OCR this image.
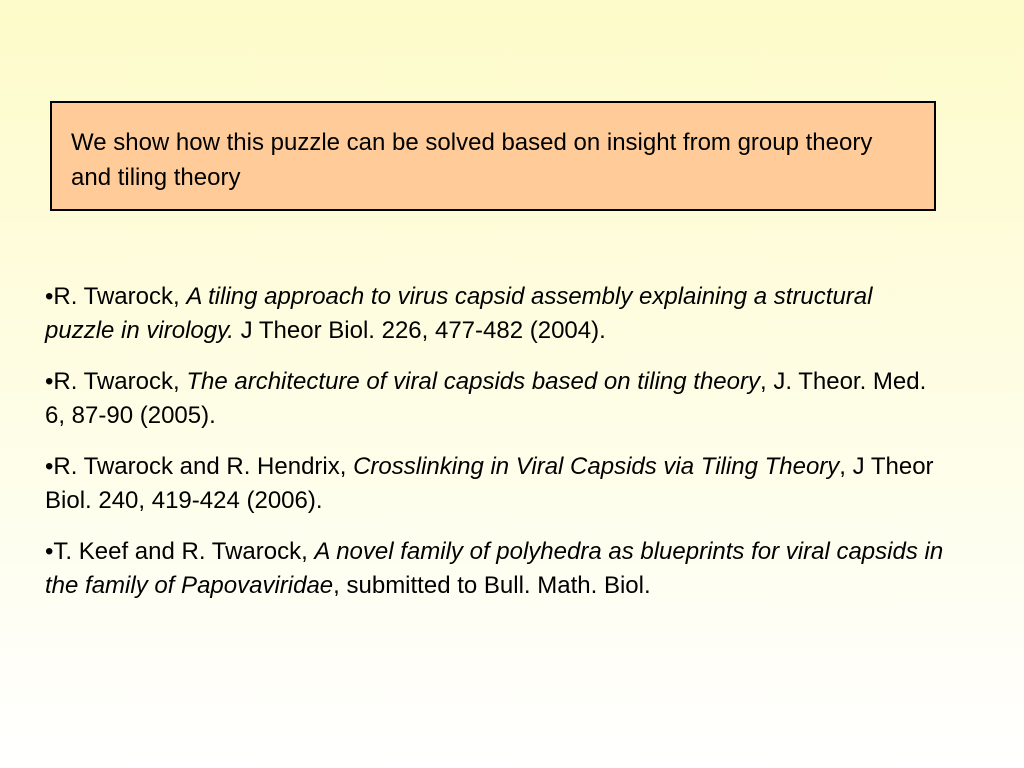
We show how this puzzle can be solved based on insight from group theory and tiling theory

•R. Twarock, A tiling approach to virus capsid assembly explaining a structural puzzle in virology. J Theor Biol. 226, 477-482 (2004).

•R. Twarock, The architecture of viral capsids based on tiling theory, J. Theor. Med. 6, 87-90 (2005).

•R. Twarock and R. Hendrix, Crosslinking in Viral Capsids via Tiling Theory, J Theor Biol. 240, 419-424 (2006).

•T. Keef and R. Twarock, A novel family of polyhedra as blueprints for viral capsids in the family of Papovaviridae, submitted to Bull. Math. Biol.
